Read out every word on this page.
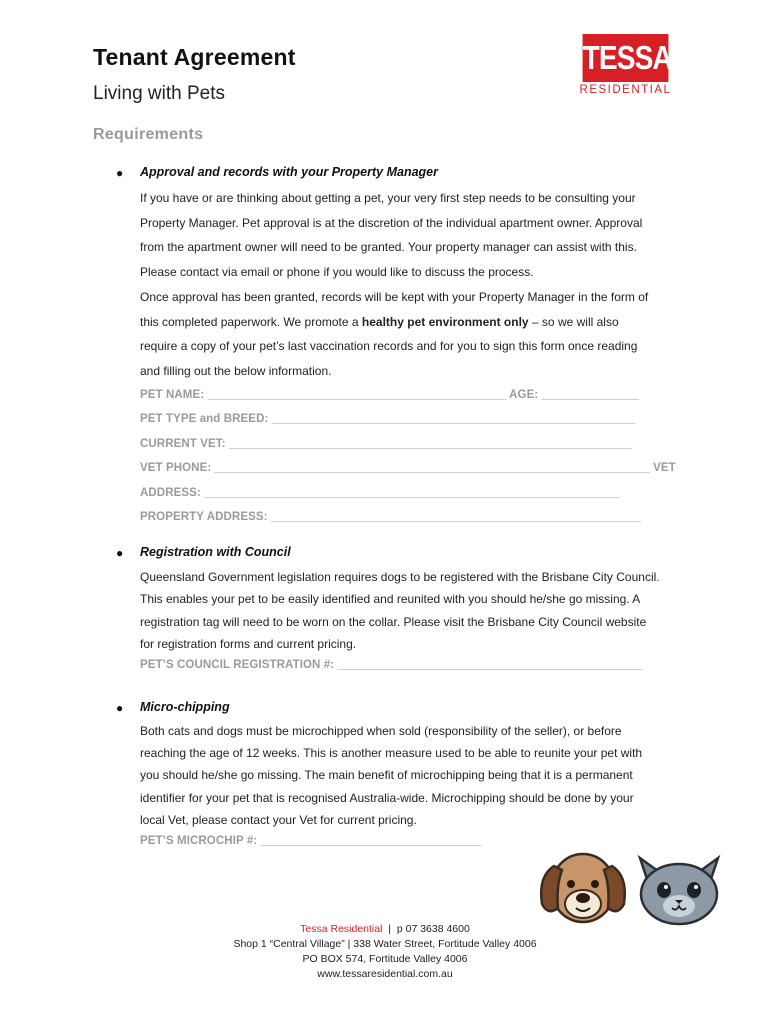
Tenant Agreement
Living with Pets
TESSA
RESIDENTIAL
Requirements
● Approval and records with your Property Manager
If you have or are thinking about getting a pet, your very first step needs to be consulting your
Property Manager. Pet approval is at the discretion of the individual apartment owner. Approval
from the apartment owner will need to be granted. Your property manager can assist with this.
Please contact via email or phone if you would like to discuss the process.
Once approval has been granted, records will be kept with your Property Manager in the form of
this completed paperwork. We promote a healthy pet environment only – so we will also
require a copy of your pet’s last vaccination records and for you to sign this form once reading
and filling out the below information.
PET NAME: ______________________________________________ AGE: _______________
PET TYPE and BREED: ________________________________________________________
CURRENT VET: ______________________________________________________________
VET PHONE: ___________________________________________________________________ VET
ADDRESS: ________________________________________________________________
PROPERTY ADDRESS: _________________________________________________________
● Registration with Council
Queensland Government legislation requires dogs to be registered with the Brisbane City Council.
This enables your pet to be easily identified and reunited with you should he/she go missing. A
registration tag will need to be worn on the collar. Please visit the Brisbane City Council website
for registration forms and current pricing.
PET’S COUNCIL REGISTRATION #: _______________________________________________
● Micro-chipping
Both cats and dogs must be microchipped when sold (responsibility of the seller), or before
reaching the age of 12 weeks. This is another measure used to be able to reunite your pet with
you should he/she go missing. The main benefit of microchipping being that it is a permanent
identifier for your pet that is recognised Australia-wide. Microchipping should be done by your
local Vet, please contact your Vet for current pricing.
PET’S MICROCHIP #: __________________________________
Tessa Residential  |  p 07 3638 4600
Shop 1 “Central Village” | 338 Water Street, Fortitude Valley 4006
PO BOX 574, Fortitude Valley 4006
www.tessaresidential.com.au
